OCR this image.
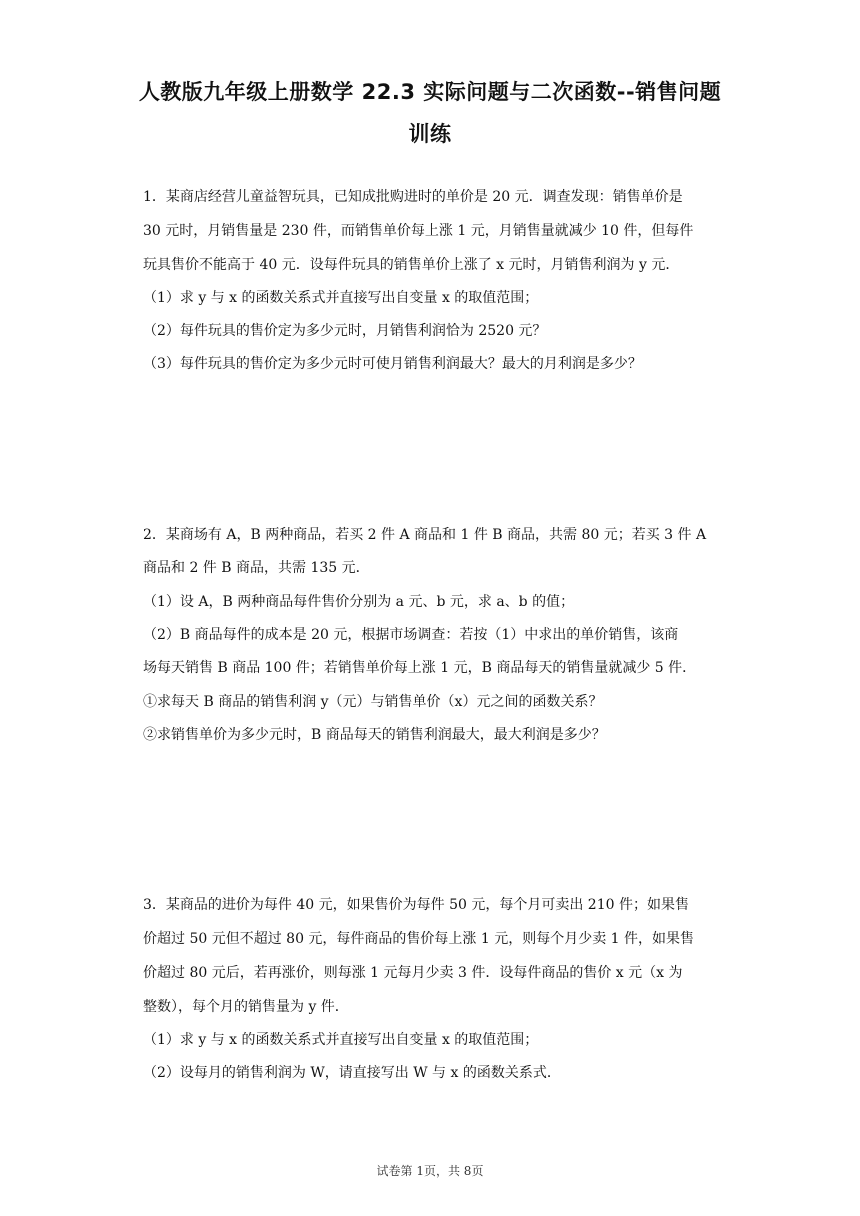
人教版九年级上册数学 22.3 实际问题与二次函数--销售问题
训练
1．某商店经营儿童益智玩具，已知成批购进时的单价是 20 元．调查发现：销售单价是
30 元时，月销售量是 230 件，而销售单价每上涨 1 元，月销售量就减少 10 件，但每件
玩具售价不能高于 40 元．设每件玩具的销售单价上涨了 x 元时，月销售利润为 y 元．
（1）求 y 与 x 的函数关系式并直接写出自变量 x 的取值范围；
（2）每件玩具的售价定为多少元时，月销售利润恰为 2520 元？
（3）每件玩具的售价定为多少元时可使月销售利润最大？最大的月利润是多少？
2．某商场有 A，B 两种商品，若买 2 件 A 商品和 1 件 B 商品，共需 80 元；若买 3 件 A
商品和 2 件 B 商品，共需 135 元．
（1）设 A，B 两种商品每件售价分别为 a 元、b 元，求 a、b 的值；
（2）B 商品每件的成本是 20 元，根据市场调查：若按（1）中求出的单价销售，该商
场每天销售 B 商品 100 件；若销售单价每上涨 1 元，B 商品每天的销售量就减少 5 件．
①求每天 B 商品的销售利润 y（元）与销售单价（x）元之间的函数关系？
②求销售单价为多少元时，B 商品每天的销售利润最大，最大利润是多少？
3．某商品的进价为每件 40 元，如果售价为每件 50 元，每个月可卖出 210 件；如果售
价超过 50 元但不超过 80 元，每件商品的售价每上涨 1 元，则每个月少卖 1 件，如果售
价超过 80 元后，若再涨价，则每涨 1 元每月少卖 3 件．设每件商品的售价 x 元（x 为
整数），每个月的销售量为 y 件．
（1）求 y 与 x 的函数关系式并直接写出自变量 x 的取值范围；
（2）设每月的销售利润为 W，请直接写出 W 与 x 的函数关系式．
试卷第 1页，共 8页
